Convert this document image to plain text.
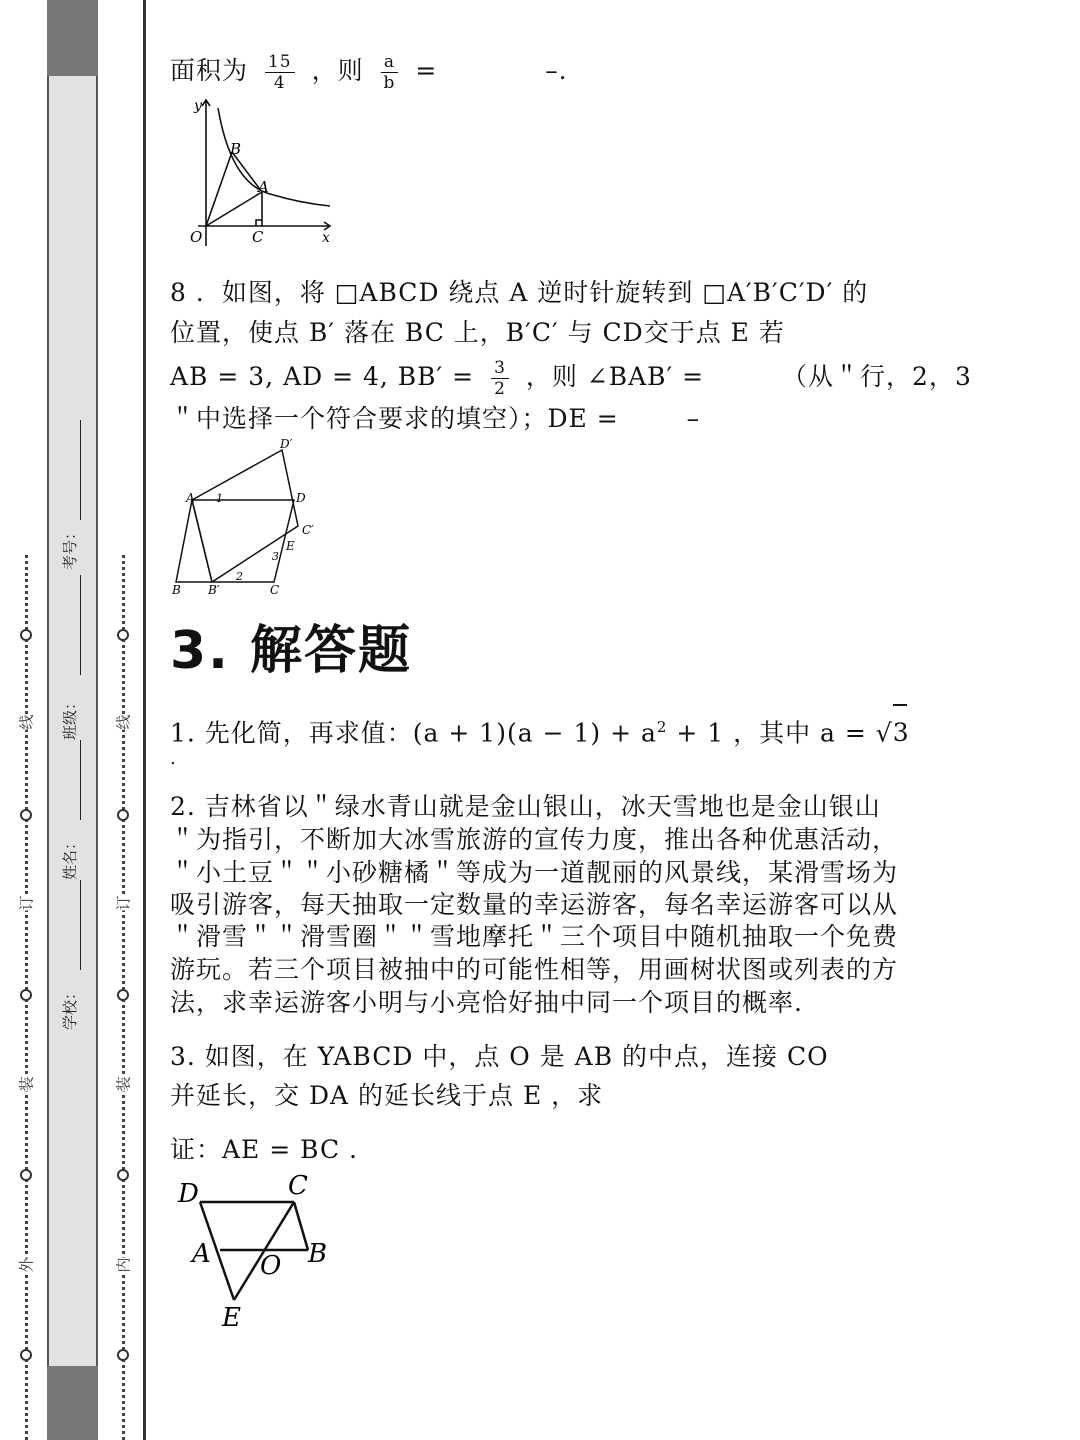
线
订
装
外
线
订
装
内
考号：
班级：
姓名：
学校：
面积为 $\frac{15}{4}$ ，则 $\frac{a}{b}$ =	–．
y
x
O
B
A
C
8 ．如图，将 □ABCD 绕点 A 逆时针旋转到 □A′B′C′D′ 的
位置，使点 B′ 落在 BC 上，B′C′ 与 CD交于点 E 若
AB = 3, AD = 4, $BB' = \frac{3}{2}$ ，则 ∠BAB′ =	（从＂行，2，3
＂中选择一个符合要求的填空）；DE =	–
D′
A 1	D
C′
E
3
2
B B′	C
3. 解答题
1. 先化简，再求值：$(a + 1)(a - 1) + a^2 + 1$ ，其中 a = √
3
.
2. 吉林省以＂绿水青山就是金山银山，冰天雪地也是金山银山
＂为指引，不断加大冰雪旅游的宣传力度，推出各种优惠活动，
＂小土豆＂＂小砂糖橘＂等成为一道靓丽的风景线，某滑雪场为
吸引游客，每天抽取一定数量的幸运游客，每名幸运游客可以从
＂滑雪＂＂滑雪圈＂＂雪地摩托＂三个项目中随机抽取一个免费
游玩。若三个项目被抽中的可能性相等，用画树状图或列表的方
法，求幸运游客小明与小亮恰好抽中同一个项目的概率.
3. 如图，在 YABCD 中，点 O 是 AB 的中点，连接 CO
并延长，交 DA 的延长线于点 E ，求
证：AE = BC .
D	C
A O B
E
